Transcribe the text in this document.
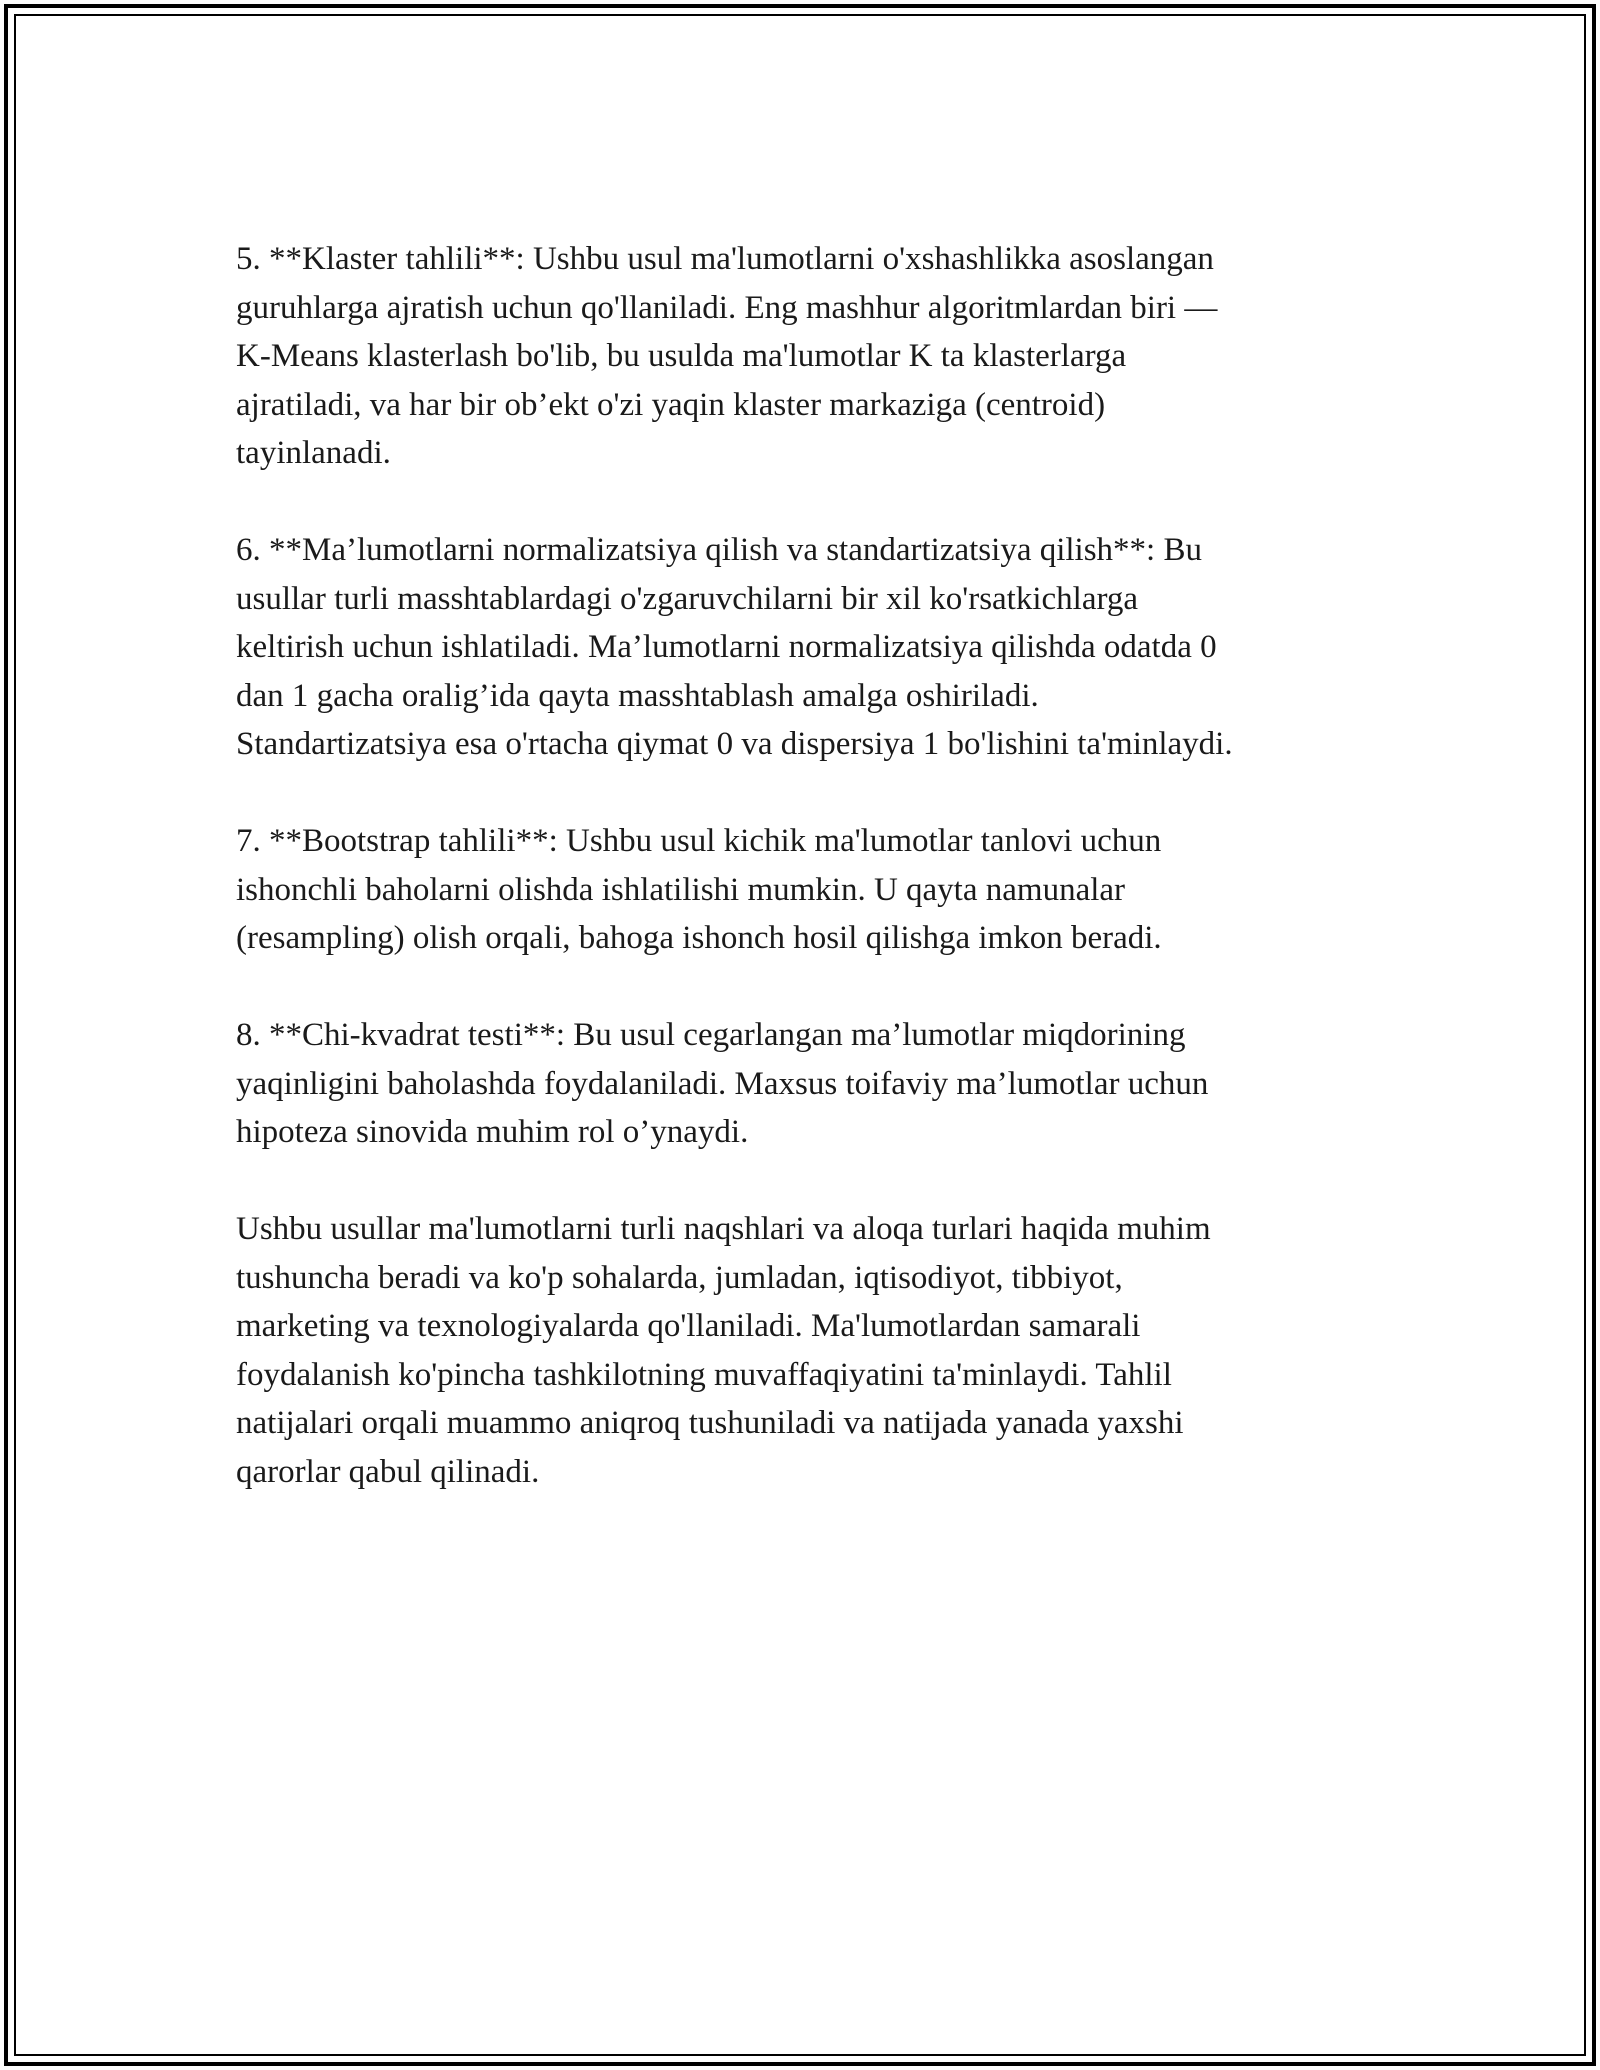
5. **Klaster tahlili**: Ushbu usul ma'lumotlarni o'xshashlikka asoslangan
guruhlarga ajratish uchun qo'llaniladi. Eng mashhur algoritmlardan biri —
K-Means klasterlash bo'lib, bu usulda ma'lumotlar K ta klasterlarga
ajratiladi, va har bir ob’ekt o'zi yaqin klaster markaziga (centroid)
tayinlanadi.

6. **Ma’lumotlarni normalizatsiya qilish va standartizatsiya qilish**: Bu
usullar turli masshtablardagi o'zgaruvchilarni bir xil ko'rsatkichlarga
keltirish uchun ishlatiladi. Ma’lumotlarni normalizatsiya qilishda odatda 0
dan 1 gacha oralig’ida qayta masshtablash amalga oshiriladi.
Standartizatsiya esa o'rtacha qiymat 0 va dispersiya 1 bo'lishini ta'minlaydi.

7. **Bootstrap tahlili**: Ushbu usul kichik ma'lumotlar tanlovi uchun
ishonchli baholarni olishda ishlatilishi mumkin. U qayta namunalar
(resampling) olish orqali, bahoga ishonch hosil qilishga imkon beradi.

8. **Chi-kvadrat testi**: Bu usul cegarlangan ma’lumotlar miqdorining
yaqinligini baholashda foydalaniladi. Maxsus toifaviy ma’lumotlar uchun
hipoteza sinovida muhim rol o’ynaydi.

Ushbu usullar ma'lumotlarni turli naqshlari va aloqa turlari haqida muhim
tushuncha beradi va ko'p sohalarda, jumladan, iqtisodiyot, tibbiyot,
marketing va texnologiyalarda qo'llaniladi. Ma'lumotlardan samarali
foydalanish ko'pincha tashkilotning muvaffaqiyatini ta'minlaydi. Tahlil
natijalari orqali muammo aniqroq tushuniladi va natijada yanada yaxshi
qarorlar qabul qilinadi.
